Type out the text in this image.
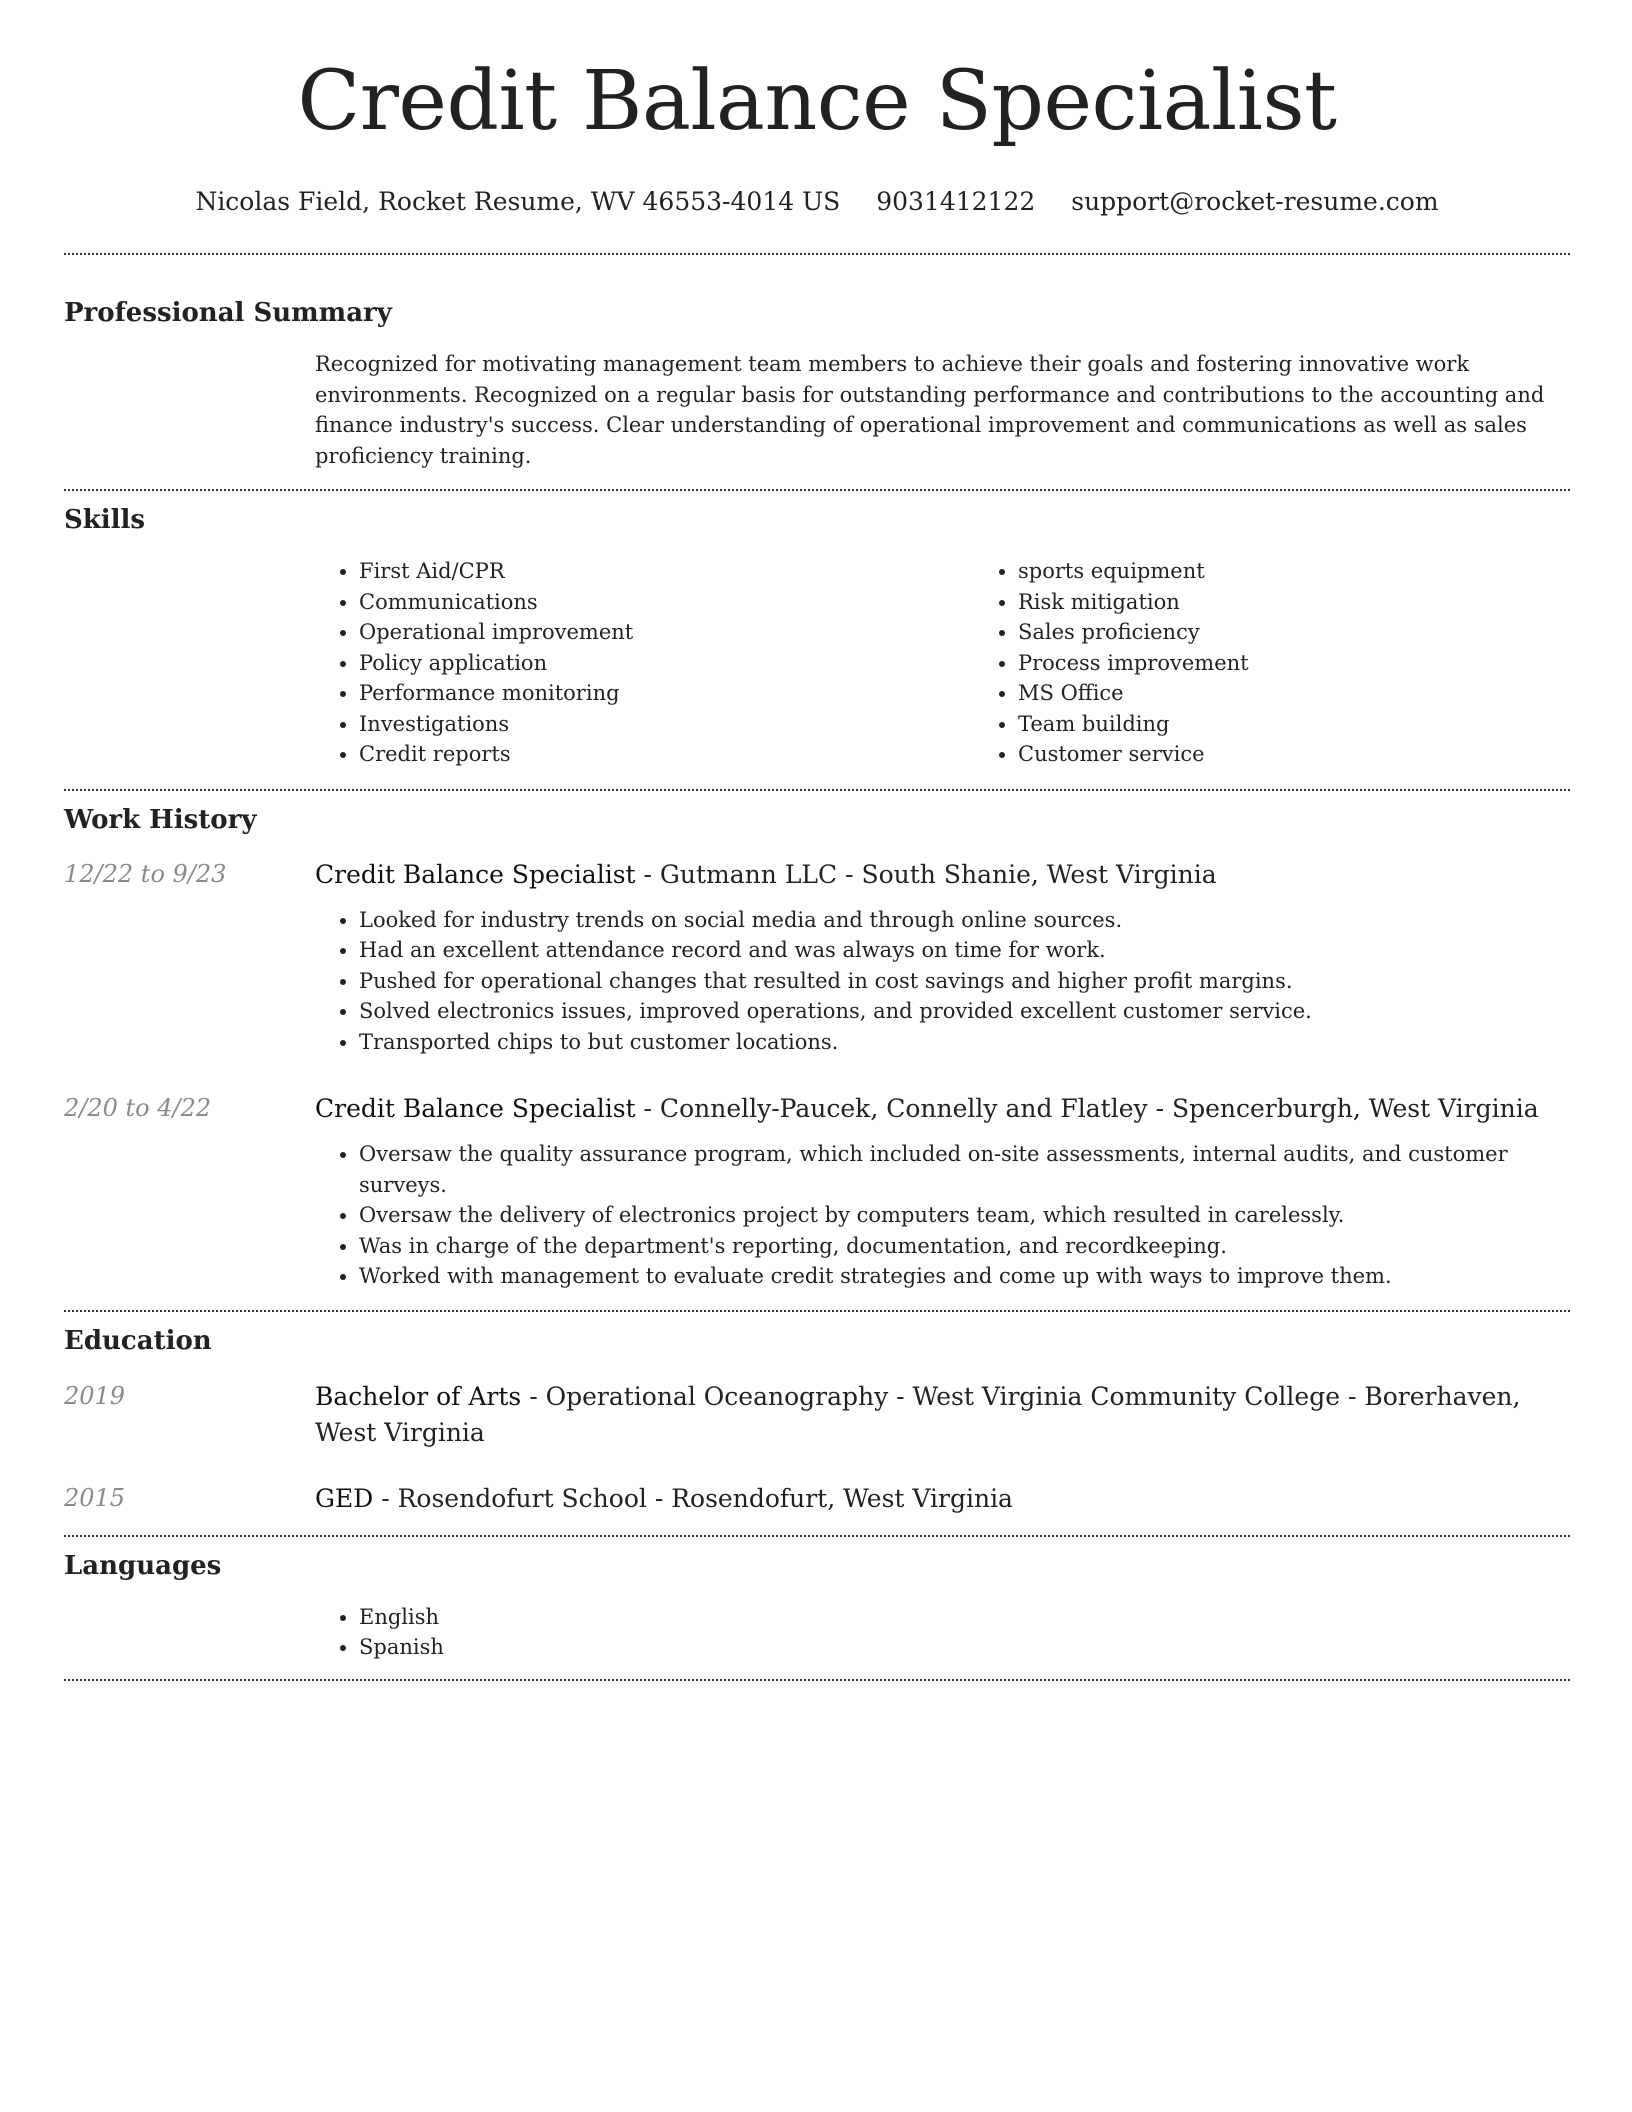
Credit Balance Specialist
Nicolas Field, Rocket Resume, WV 46553-4014 US 9031412122 support@rocket-resume.com
Professional Summary

Recognized for motivating management team members to achieve their goals and fostering innovative work environments. Recognized on a regular basis for outstanding performance and contributions to the accounting and finance industry's success. Clear understanding of operational improvement and communications as well as sales proficiency training.

Skills
• First Aid/CPR
• Communications
• Operational improvement
• Policy application
• Performance monitoring
• Investigations
• Credit reports
• sports equipment
• Risk mitigation
• Sales proficiency
• Process improvement
• MS Office
• Team building
• Customer service
Work History
12/22 to 9/23	Credit Balance Specialist - Gutmann LLC - South Shanie, West Virginia
• Looked for industry trends on social media and through online sources.
• Had an excellent attendance record and was always on time for work.
• Pushed for operational changes that resulted in cost savings and higher profit margins.
• Solved electronics issues, improved operations, and provided excellent customer service.
• Transported chips to but customer locations.
2/20 to 4/22	Credit Balance Specialist - Connelly-Paucek, Connelly and Flatley - Spencerburgh, West Virginia
• Oversaw the quality assurance program, which included on-site assessments, internal audits, and customer surveys.
• Oversaw the delivery of electronics project by computers team, which resulted in carelessly.
• Was in charge of the department's reporting, documentation, and recordkeeping.
• Worked with management to evaluate credit strategies and come up with ways to improve them.
Education
2019	Bachelor of Arts - Operational Oceanography - West Virginia Community College - Borerhaven, West Virginia
2015	GED - Rosendofurt School - Rosendofurt, West Virginia
Languages
• English
• Spanish
